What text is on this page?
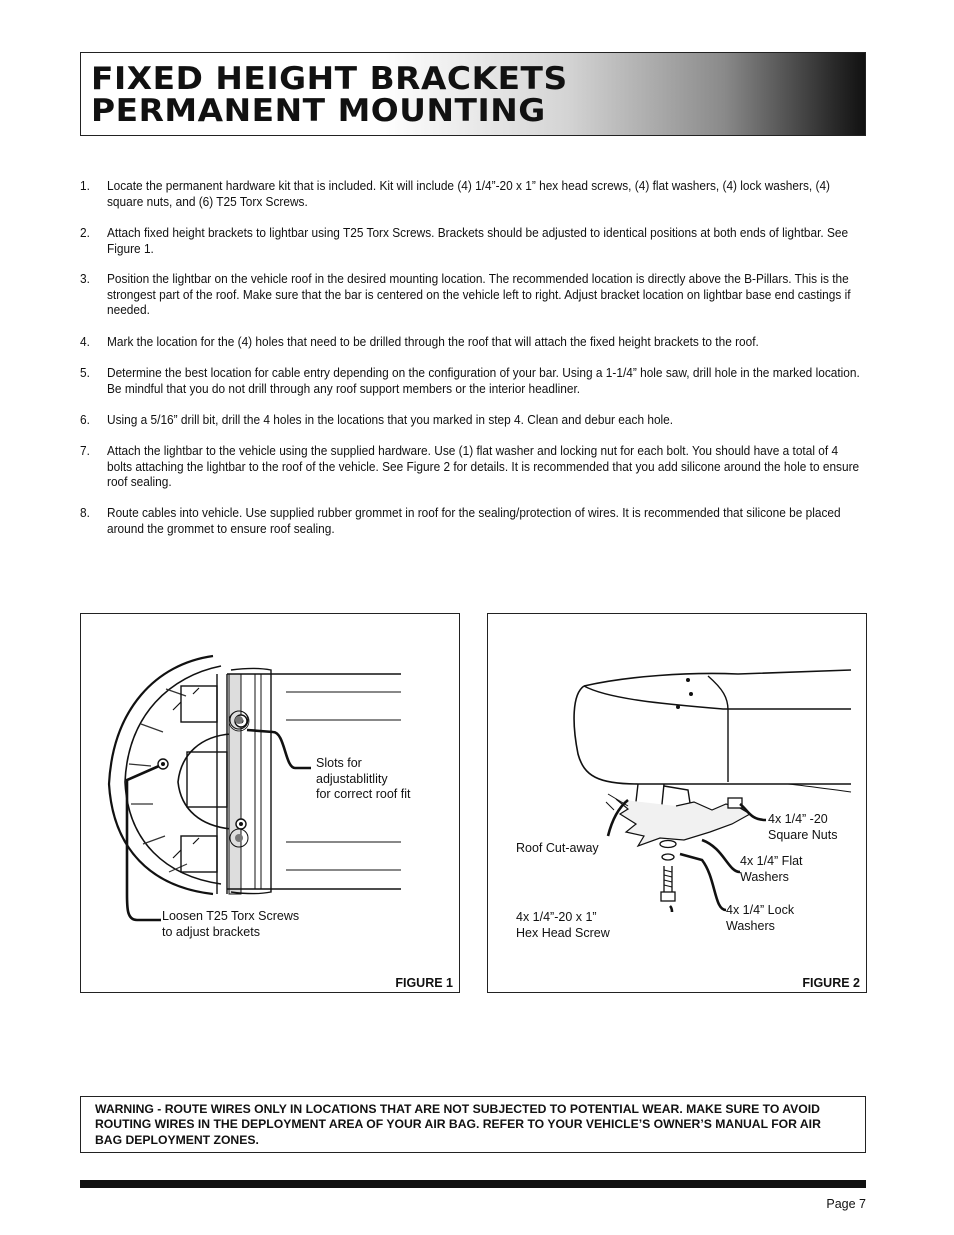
FIXED HEIGHT BRACKETS
PERMANENT MOUNTING
1. Locate the permanent hardware kit that is included. Kit will include (4) 1/4”-20 x 1” hex head screws, (4) flat washers, (4) lock washers, (4) square nuts, and (6) T25 Torx Screws.
2. Attach fixed height brackets to lightbar using T25 Torx Screws. Brackets should be adjusted to identical positions at both ends of lightbar. See Figure 1.
3. Position the lightbar on the vehicle roof in the desired mounting location. The recommended location is directly above the B-Pillars. This is the strongest part of the roof. Make sure that the bar is centered on the vehicle left to right. Adjust bracket location on lightbar base end castings if needed.
4. Mark the location for the (4) holes that need to be drilled through the roof that will attach the fixed height brackets to the roof.
5. Determine the best location for cable entry depending on the configuration of your bar. Using a 1-1/4” hole saw, drill hole in the marked location. Be mindful that you do not drill through any roof support members or the interior headliner.
6. Using a 5/16” drill bit, drill the 4 holes in the locations that you marked in step 4. Clean and debur each hole.
7. Attach the lightbar to the vehicle using the supplied hardware. Use (1) flat washer and locking nut for each bolt. You should have a total of 4 bolts attaching the lightbar to the roof of the vehicle. See Figure 2 for details. It is recommended that you add silicone around the hole to ensure roof sealing.
8. Route cables into vehicle. Use supplied rubber grommet in roof for the sealing/protection of wires. It is recommended that silicone be placed around the grommet to ensure roof sealing.
Slots for
adjustablitlity
for correct roof fit
Loosen T25 Torx Screws
to adjust brackets
FIGURE 1
Roof Cut-away
4x 1/4” -20
Square Nuts
4x 1/4” Flat
Washers
4x 1/4” Lock
Washers
4x 1/4”-20 x 1”
Hex Head Screw
FIGURE 2
WARNING - ROUTE WIRES ONLY IN LOCATIONS THAT ARE NOT SUBJECTED TO POTENTIAL WEAR. MAKE SURE TO AVOID ROUTING WIRES IN THE DEPLOYMENT AREA OF YOUR AIR BAG. REFER TO YOUR VEHICLE’S OWNER’S MANUAL FOR AIR BAG DEPLOYMENT ZONES.
Page 7
